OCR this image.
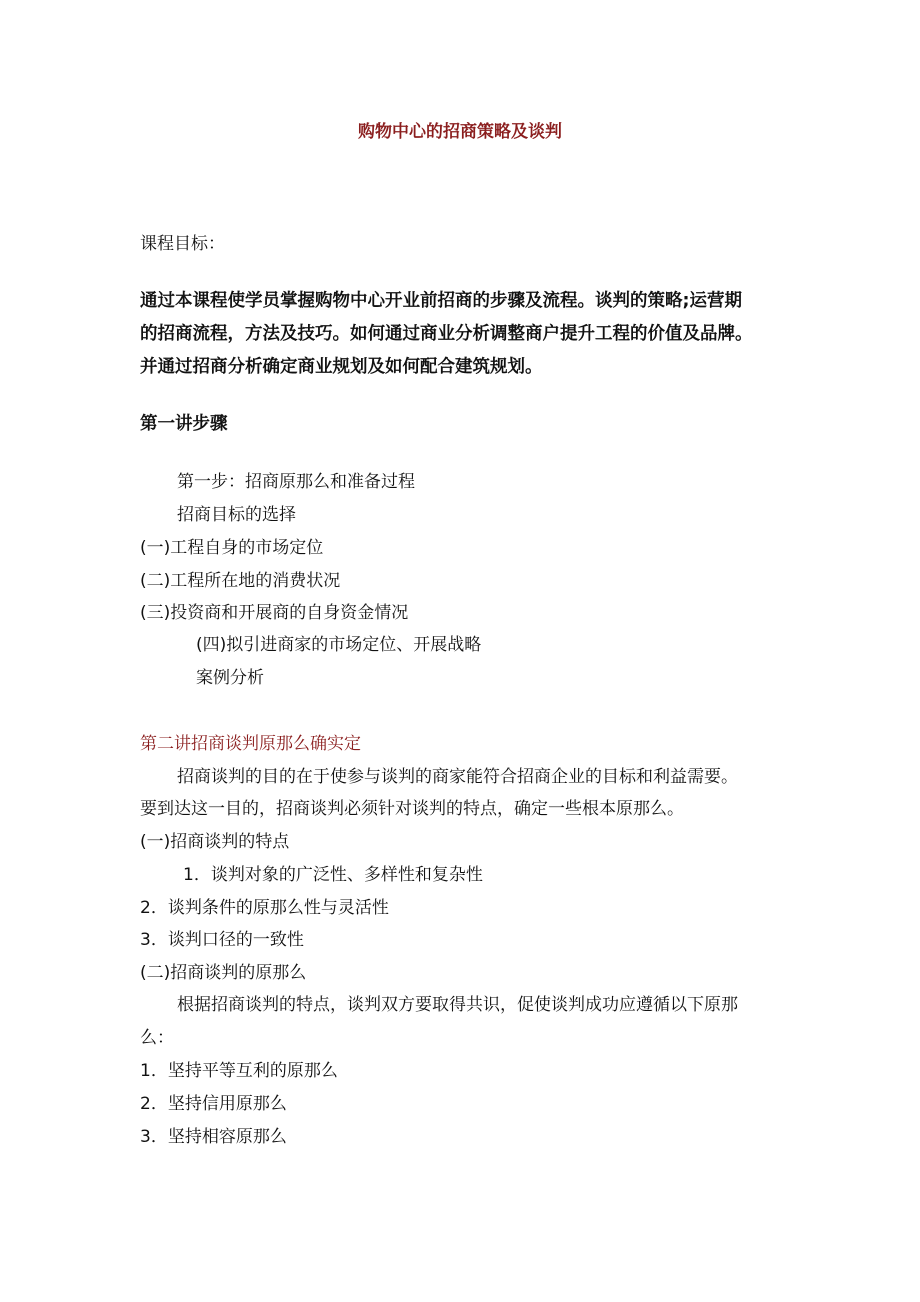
购物中心的招商策略及谈判
课程目标：
通过本课程使学员掌握购物中心开业前招商的步骤及流程。谈判的策略;运营期
的招商流程，方法及技巧。如何通过商业分析调整商户提升工程的价值及品牌。
并通过招商分析确定商业规划及如何配合建筑规划。
第一讲步骤
第一步：招商原那么和准备过程
招商目标的选择
(一)工程自身的市场定位
(二)工程所在地的消费状况
(三)投资商和开展商的自身资金情况
(四)拟引进商家的市场定位、开展战略
案例分析
第二讲招商谈判原那么确实定
招商谈判的目的在于使参与谈判的商家能符合招商企业的目标和利益需要。
要到达这一目的，招商谈判必须针对谈判的特点，确定一些根本原那么。
(一)招商谈判的特点
1．谈判对象的广泛性、多样性和复杂性
2．谈判条件的原那么性与灵活性
3．谈判口径的一致性
(二)招商谈判的原那么
根据招商谈判的特点，谈判双方要取得共识，促使谈判成功应遵循以下原那
么：
1．坚持平等互利的原那么
2．坚持信用原那么
3．坚持相容原那么
